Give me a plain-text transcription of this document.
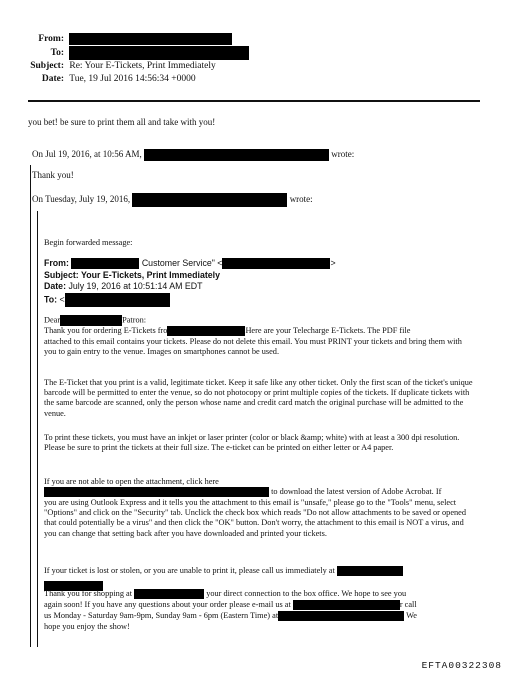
From:
To:
Subject: Re: Your E-Tickets, Print Immediately
Date: Tue, 19 Jul 2016 14:56:34 +0000
you bet! be sure to print them all and take with you!
On Jul 19, 2016, at 10:56 AM,	wrote:
Thank you!
On Tuesday, July 19, 2016,	wrote:
Begin forwarded message:
From:	Customer Service" <	>
Subject: Your E-Tickets, Print Immediately
Date: July 19, 2016 at 10:51:14 AM EDT
To: <
Dear	Patron:
Thank you for ordering E-Tickets fro	Here are your Telecharge E-Tickets. The PDF file
attached to this email contains your tickets. Please do not delete this email. You must PRINT your tickets and bring them with you to gain entry to the venue. Images on smartphones cannot be used.
The E-Ticket that you print is a valid, legitimate ticket. Keep it safe like any other ticket. Only the first scan of the ticket's unique barcode will be permitted to enter the venue, so do not photocopy or print multiple copies of the tickets. If duplicate tickets with the same barcode are scanned, only the person whose name and credit card match the original purchase will be admitted to the venue.
To print these tickets, you must have an inkjet or laser printer (color or black &amp; white) with at least a 300 dpi resolution. Please be sure to print the tickets at their full size. The e-ticket can be printed on either letter or A4 paper.
If you are not able to open the attachment, click here
to download the latest version of Adobe Acrobat. If
you are using Outlook Express and it tells you the attachment to this email is "unsafe," please go to the "Tools" menu, select "Options" and click on the "Security" tab. Unclick the check box which reads "Do not allow attachments to be saved or opened that could potentially be a virus" and then click the "OK" button. Don't worry, the attachment to this email is NOT a virus, and you can change that setting back after you have downloaded and printed your tickets.
If your ticket is lost or stolen, or you are unable to print it, please call us immediately at
Thank you for shopping at	your direct connection to the box office. We hope to see you
again soon! If you have any questions about your order please e-mail us at	r call
us Monday - Saturday 9am-9pm, Sunday 9am - 6pm (Eastern Time) at	We
hope you enjoy the show!
EFTA00322308
